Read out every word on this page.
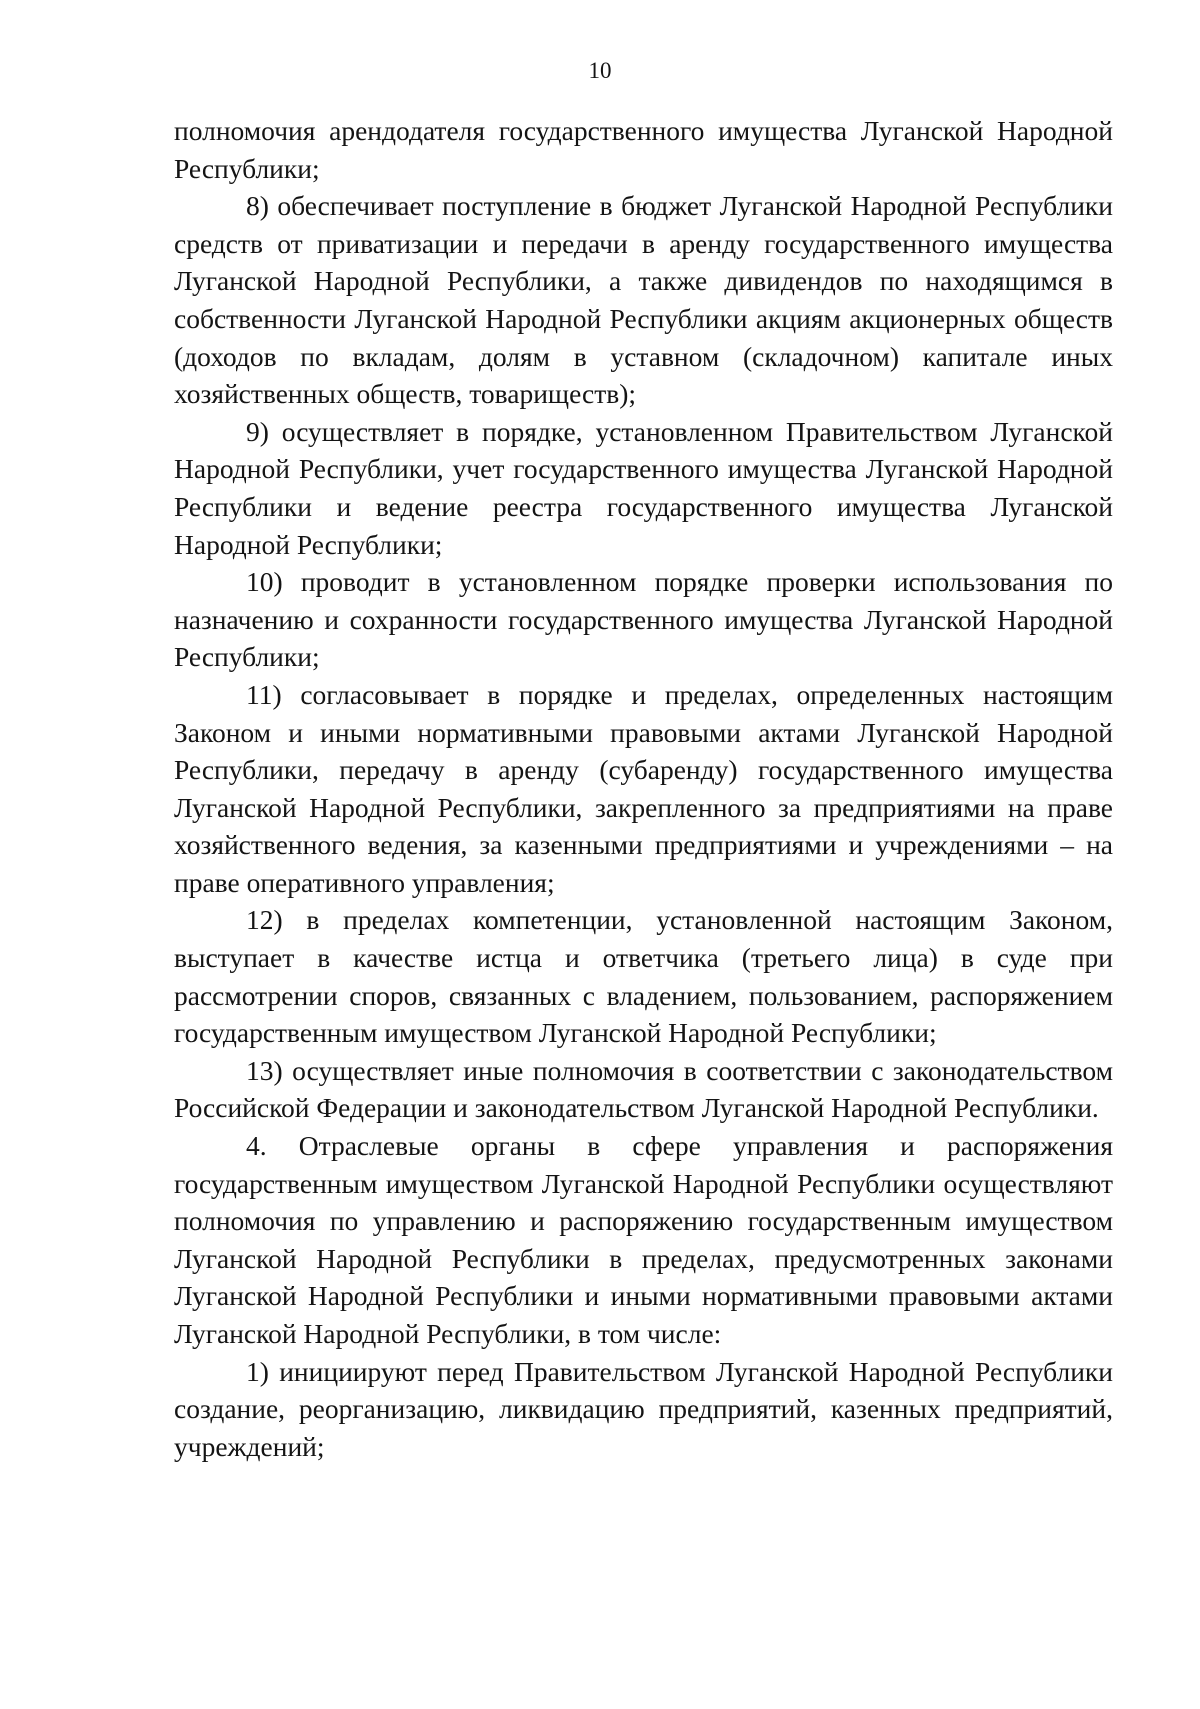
10

полномочия арендодателя государственного имущества Луганской Народной Республики;

8) обеспечивает поступление в бюджет Луганской Народной Республики средств от приватизации и передачи в аренду государственного имущества Луганской Народной Республики, а также дивидендов по находящимся в собственности Луганской Народной Республики акциям акционерных обществ (доходов по вкладам, долям в уставном (складочном) капитале иных хозяйственных обществ, товариществ);

9) осуществляет в порядке, установленном Правительством Луганской Народной Республики, учет государственного имущества Луганской Народной Республики и ведение реестра государственного имущества Луганской Народной Республики;

10) проводит в установленном порядке проверки использования по назначению и сохранности государственного имущества Луганской Народной Республики;

11) согласовывает в порядке и пределах, определенных настоящим Законом и иными нормативными правовыми актами Луганской Народной Республики, передачу в аренду (субаренду) государственного имущества Луганской Народной Республики, закрепленного за предприятиями на праве хозяйственного ведения, за казенными предприятиями и учреждениями – на праве оперативного управления;

12) в пределах компетенции, установленной настоящим Законом, выступает в качестве истца и ответчика (третьего лица) в суде при рассмотрении споров, связанных с владением, пользованием, распоряжением государственным имуществом Луганской Народной Республики;

13) осуществляет иные полномочия в соответствии с законодательством Российской Федерации и законодательством Луганской Народной Республики.

4. Отраслевые органы в сфере управления и распоряжения государственным имуществом Луганской Народной Республики осуществляют полномочия по управлению и распоряжению государственным имуществом Луганской Народной Республики в пределах, предусмотренных законами Луганской Народной Республики и иными нормативными правовыми актами Луганской Народной Республики, в том числе:

1) инициируют перед Правительством Луганской Народной Республики создание, реорганизацию, ликвидацию предприятий, казенных предприятий, учреждений;
